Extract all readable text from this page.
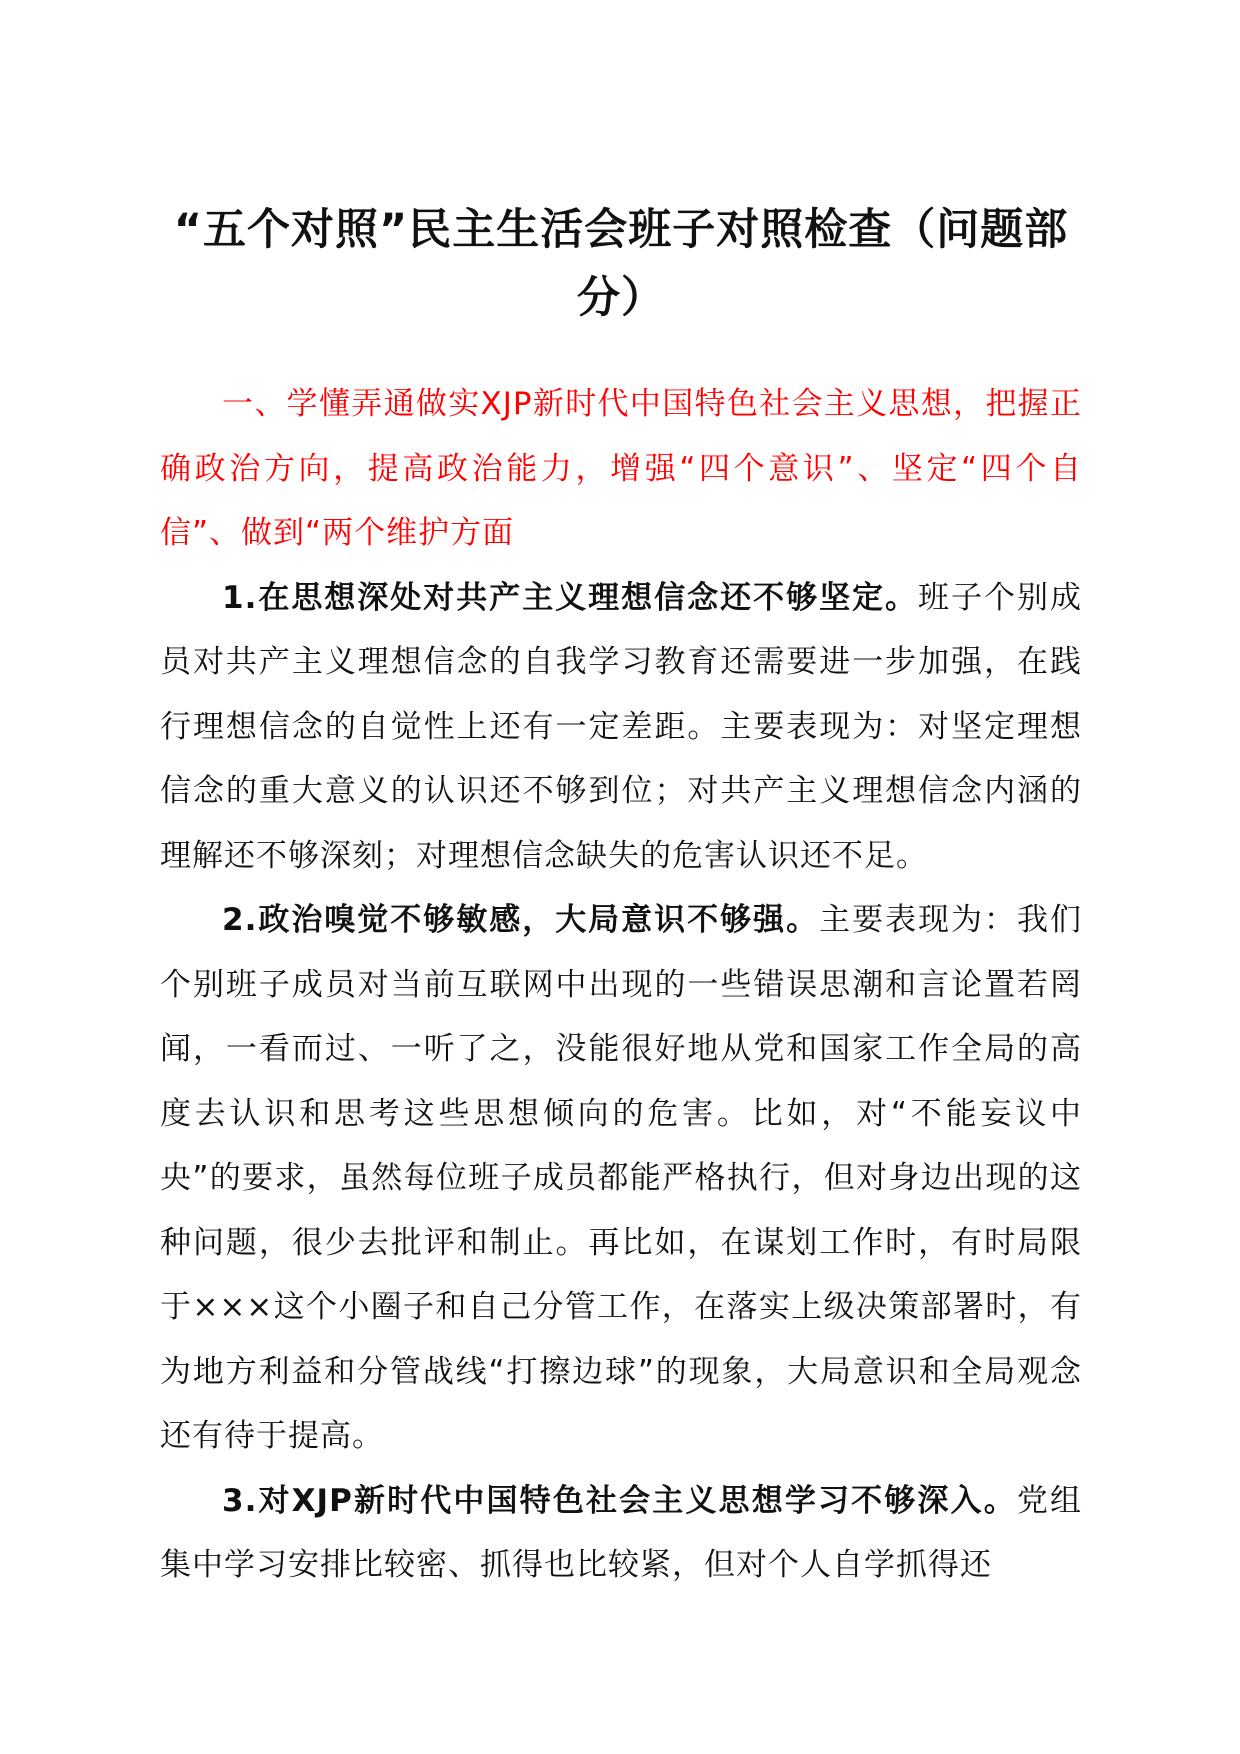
“五个对照”民主生活会班子对照检查（问题部分）

一、学懂弄通做实XJP新时代中国特色社会主义思想，把握正确政治方向，提高政治能力，增强“四个意识”、坚定“四个自信”、做到“两个维护方面

1.在思想深处对共产主义理想信念还不够坚定。班子个别成员对共产主义理想信念的自我学习教育还需要进一步加强，在践行理想信念的自觉性上还有一定差距。主要表现为：对坚定理想信念的重大意义的认识还不够到位；对共产主义理想信念内涵的理解还不够深刻；对理想信念缺失的危害认识还不足。

2.政治嗅觉不够敏感，大局意识不够强。主要表现为：我们个别班子成员对当前互联网中出现的一些错误思潮和言论置若罔闻，一看而过、一听了之，没能很好地从党和国家工作全局的高度去认识和思考这些思想倾向的危害。比如，对“不能妄议中央”的要求，虽然每位班子成员都能严格执行，但对身边出现的这种问题，很少去批评和制止。再比如，在谋划工作时，有时局限于×××这个小圈子和自己分管工作，在落实上级决策部署时，有为地方利益和分管战线“打擦边球”的现象，大局意识和全局观念还有待于提高。

3.对XJP新时代中国特色社会主义思想学习不够深入。党组集中学习安排比较密、抓得也比较紧，但对个人自学抓得还
